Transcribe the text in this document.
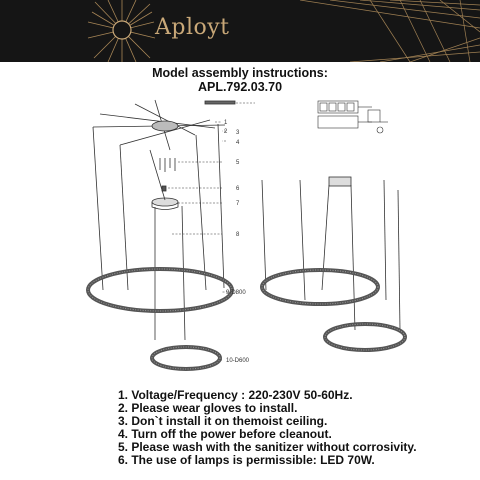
Aployt
Model assembly instructions:
APL.792.03.70
1
2 3
4
5
6
7
8
9-D800
10-D600
1. Voltage/Frequency : 220-230V 50-60Hz.
2. Please wear gloves to install.
3. Don`t install it on themoist ceiling.
4. Turn off the power before cleanout.
5. Please wash with the sanitizer without corrosivity.
6. The use of lamps is permissible: LED 70W.
